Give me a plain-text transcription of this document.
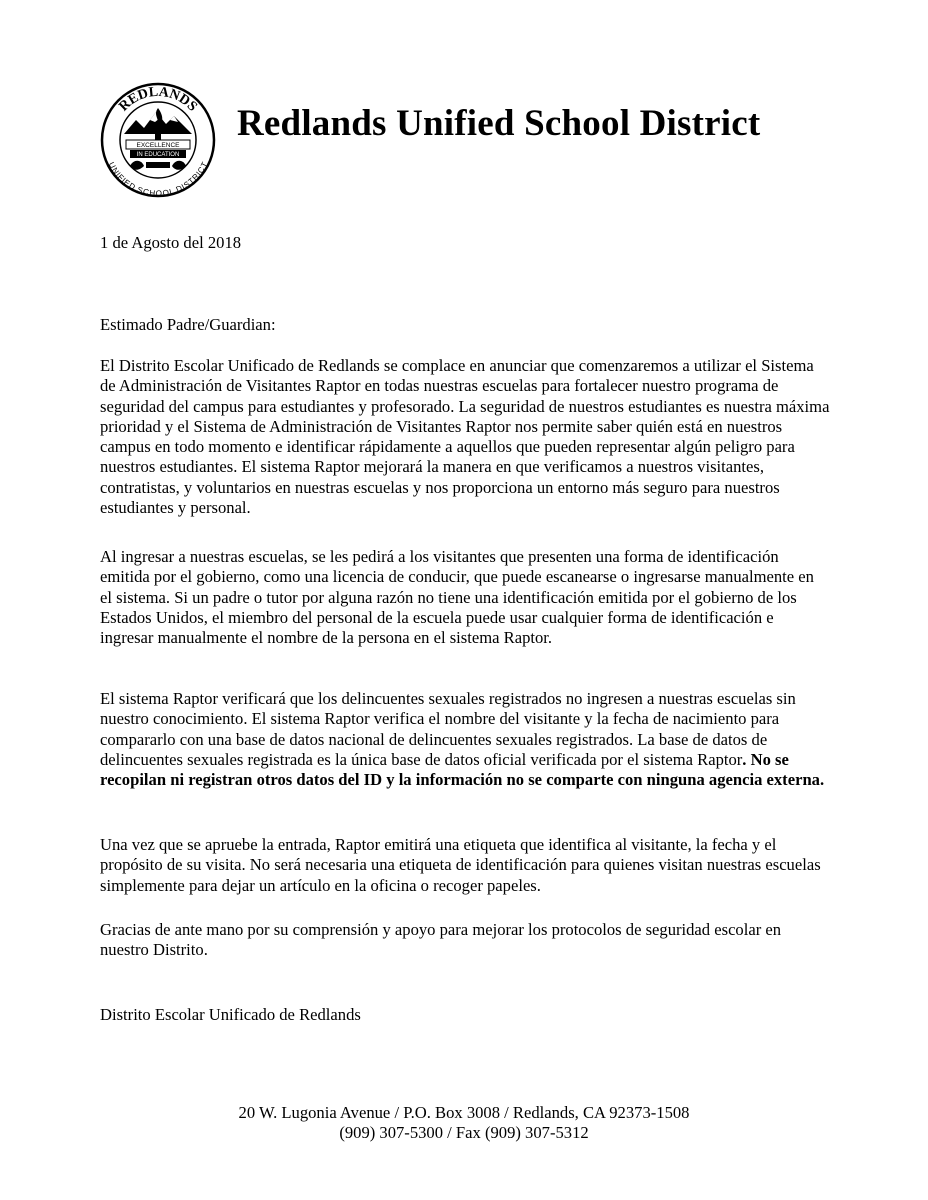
REDLANDS
UNIFIED SCHOOL DISTRICT
EXCELLENCE
IN EDUCATION
Redlands Unified School District
1 de Agosto del 2018
Estimado Padre/Guardian:

El Distrito Escolar Unificado de Redlands se complace en anunciar que comenzaremos a utilizar el Sistema de Administración de Visitantes Raptor en todas nuestras escuelas para fortalecer nuestro programa de seguridad del campus para estudiantes y profesorado. La seguridad de nuestros estudiantes es nuestra máxima prioridad y el Sistema de Administración de Visitantes Raptor nos permite saber quién está en nuestros campus en todo momento e identificar rápidamente a aquellos que pueden representar algún peligro para nuestros estudiantes. El sistema Raptor mejorará la manera en que verificamos a nuestros visitantes, contratistas, y voluntarios en nuestras escuelas y nos proporciona un entorno más seguro para nuestros estudiantes y personal.

Al ingresar a nuestras escuelas, se les pedirá a los visitantes que presenten una forma de identificación emitida por el gobierno, como una licencia de conducir, que puede escanearse o ingresarse manualmente en el sistema. Si un padre o tutor por alguna razón no tiene una identificación emitida por el gobierno de los Estados Unidos, el miembro del personal de la escuela puede usar cualquier forma de identificación e ingresar manualmente el nombre de la persona en el sistema Raptor.

El sistema Raptor verificará que los delincuentes sexuales registrados no ingresen a nuestras escuelas sin nuestro conocimiento. El sistema Raptor verifica el nombre del visitante y la fecha de nacimiento para compararlo con una base de datos nacional de delincuentes sexuales registrados. La base de datos de delincuentes sexuales registrada es la única base de datos oficial verificada por el sistema Raptor. No se recopilan ni registran otros datos del ID y la información no se comparte con ninguna agencia externa.

Una vez que se apruebe la entrada, Raptor emitirá una etiqueta que identifica al visitante, la fecha y el propósito de su visita. No será necesaria una etiqueta de identificación para quienes visitan nuestras escuelas simplemente para dejar un artículo en la oficina o recoger papeles.

Gracias de ante mano por su comprensión y apoyo para mejorar los protocolos de seguridad escolar en nuestro Distrito.

Distrito Escolar Unificado de Redlands
20 W. Lugonia Avenue / P.O. Box 3008 / Redlands, CA 92373-1508
(909) 307-5300 / Fax (909) 307-5312
